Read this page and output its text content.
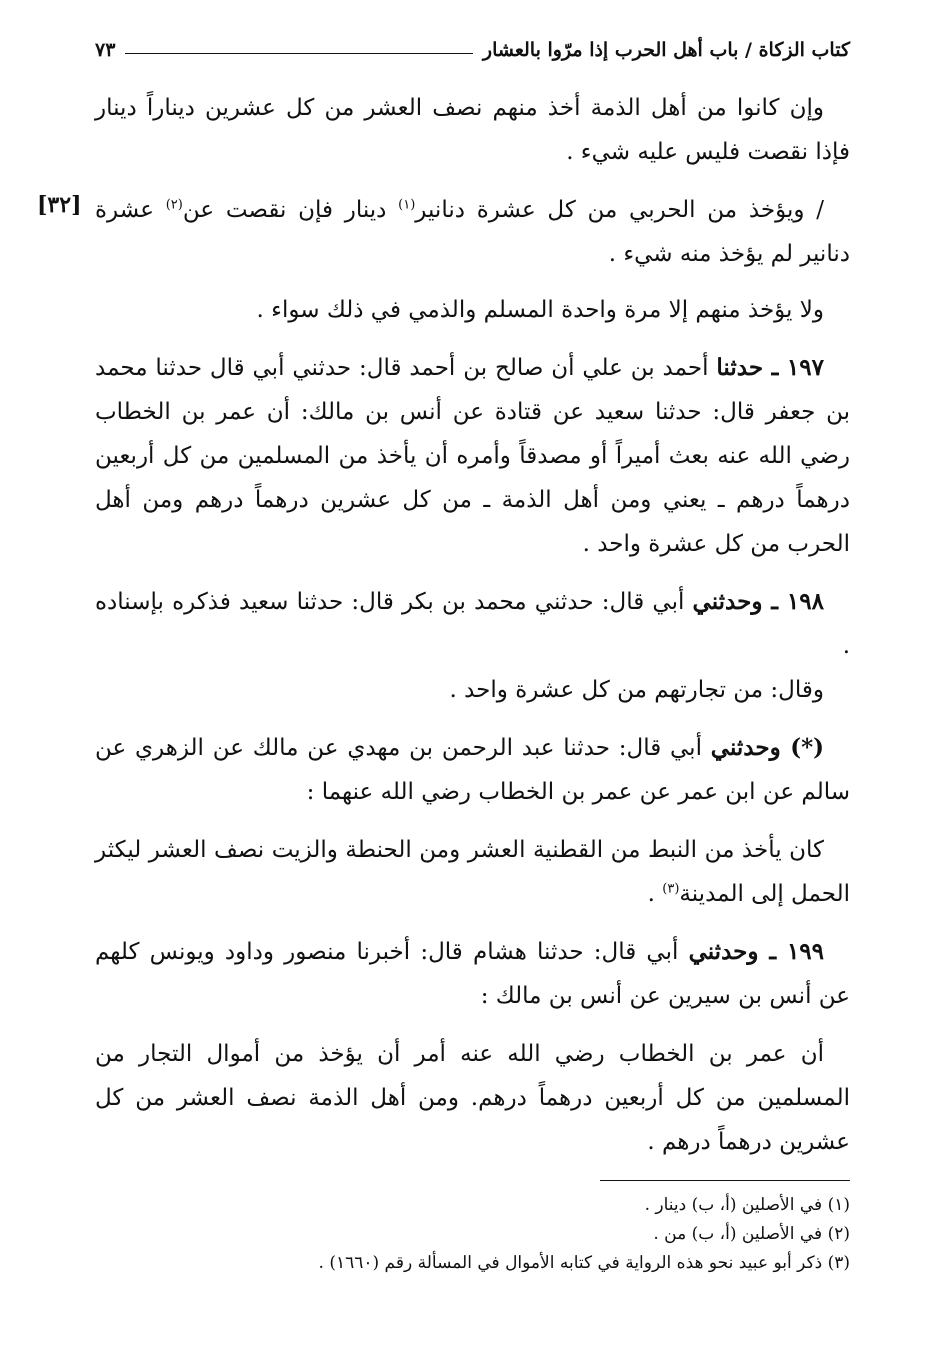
كتاب الزكاة / باب أهل الحرب إذا مرّوا بالعشار
٧٣

وإن كانوا من أهل الذمة أخذ منهم نصف العشر من كل عشرين ديناراً دينار فإذا نقصت فليس عليه شيء .

[٣٢]	/ ويؤخذ من الحربي من كل عشرة دنانير$^{(١)}$ دينار فإن نقصت عن$^{(٢)}$ عشرة دنانير لم يؤخذ منه شيء .

ولا يؤخذ منهم إلا مرة واحدة المسلم والذمي في ذلك سواء .

١٩٧ ـ حدثنا أحمد بن علي أن صالح بن أحمد قال: حدثني أبي قال حدثنا محمد بن جعفر قال: حدثنا سعيد عن قتادة عن أنس بن مالك: أن عمر بن الخطاب رضي الله عنه بعث أميراً أو مصدقاً وأمره أن يأخذ من المسلمين من كل أربعين درهماً درهم ـ يعني ومن أهل الذمة ـ من كل عشرين درهماً درهم ومن أهل الحرب من كل عشرة واحد .

١٩٨ ـ وحدثني أبي قال: حدثني محمد بن بكر قال: حدثنا سعيد فذكره بإسناده .

وقال: من تجارتهم من كل عشرة واحد .

(*) وحدثني أبي قال: حدثنا عبد الرحمن بن مهدي عن مالك عن الزهري عن سالم عن ابن عمر عن عمر بن الخطاب رضي الله عنهما :

كان يأخذ من النبط من القطنية العشر ومن الحنطة والزيت نصف العشر ليكثر الحمل إلى المدينة$^{(٣)}$ .

١٩٩ ـ وحدثني أبي قال: حدثنا هشام قال: أخبرنا منصور وداود ويونس كلهم عن أنس بن سيرين عن أنس بن مالك :

أن عمر بن الخطاب رضي الله عنه أمر أن يؤخذ من أموال التجار من المسلمين من كل أربعين درهماً درهم. ومن أهل الذمة نصف العشر من كل عشرين درهماً درهم .

(١) في الأصلين (أ، ب) دينار .
(٢) في الأصلين (أ، ب) من .
(٣) ذكر أبو عبيد نحو هذه الرواية في كتابه الأموال في المسألة رقم (١٦٦٠) .
